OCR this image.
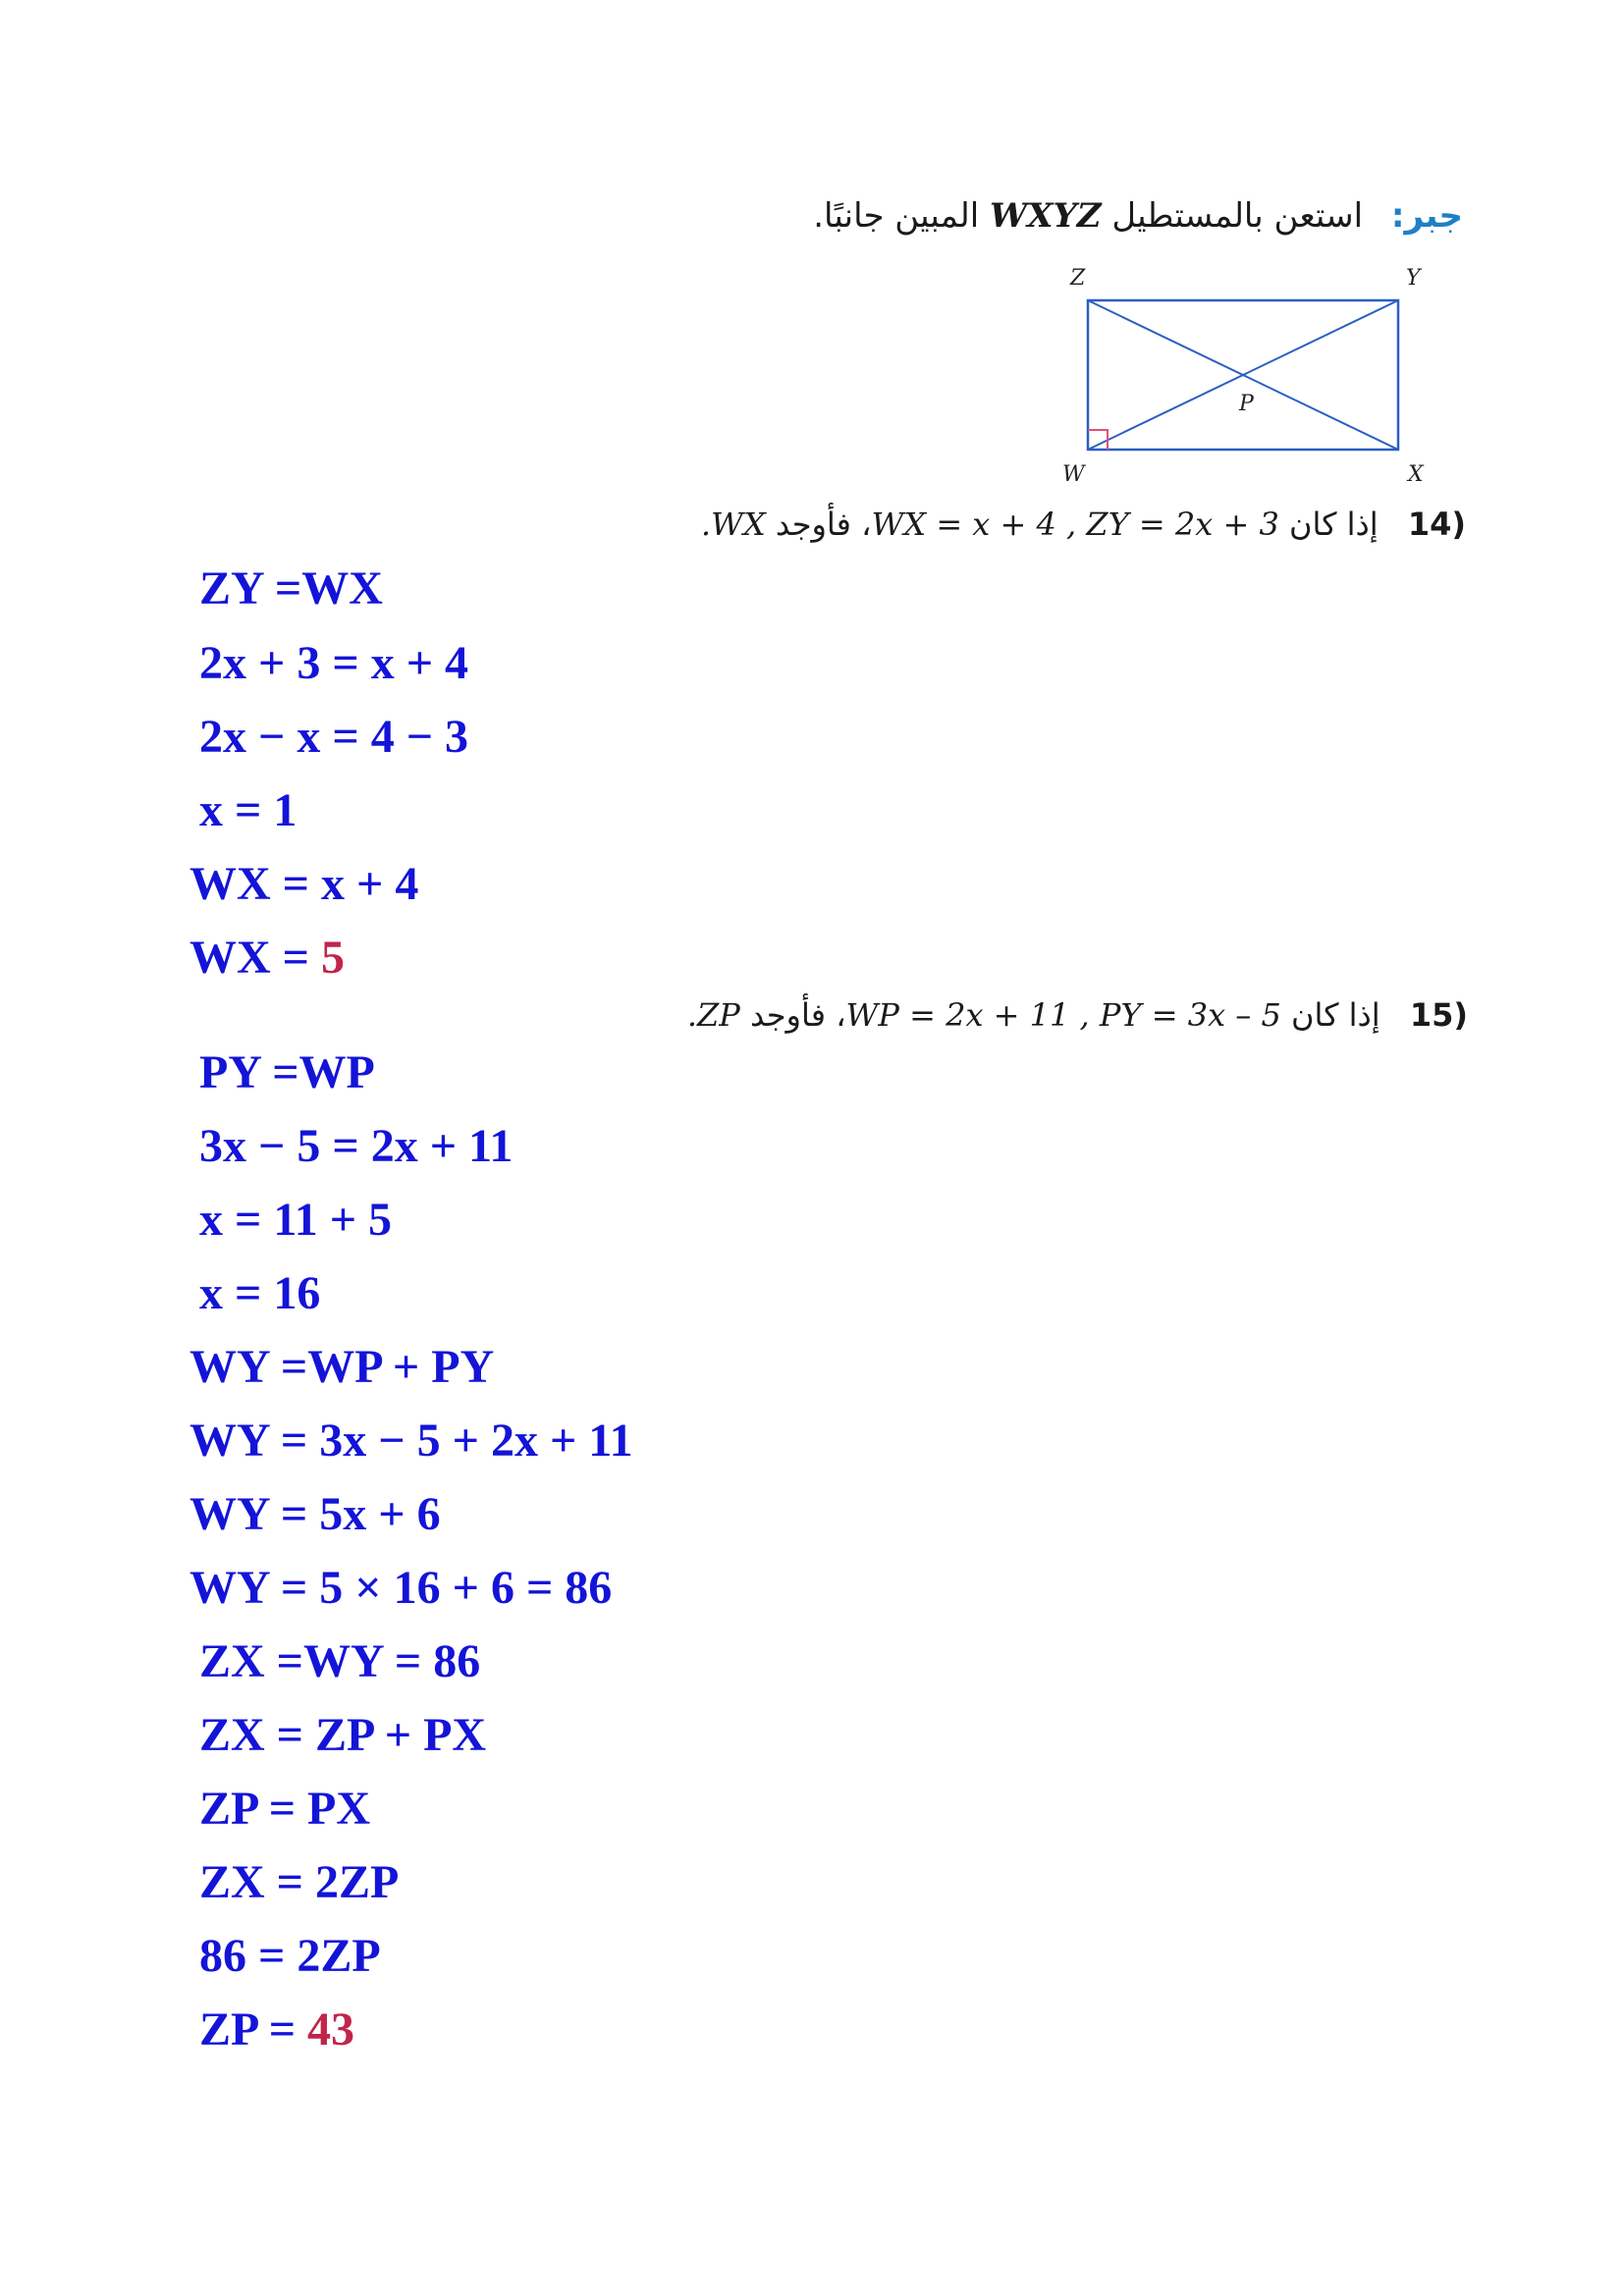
جبر: استعن بالمستطيل WXYZ المبين جانبًا.
Z	Y
W	X
P
(14 إذا كان WX = x + 4 , ZY = 2x + 3، فأوجد WX.
ZY =WX
2x + 3 = x + 4
2x − x = 4 − 3
x = 1
WX = x + 4
WX = 5
(15 إذا كان WP = 2x + 11 , PY = 3x – 5، فأوجد ZP.
PY =WP
3x − 5 = 2x + 11
x = 11 + 5
x = 16
WY =WP + PY
WY = 3x − 5 + 2x + 11
WY = 5x + 6
WY = 5 × 16 + 6 = 86
ZX =WY = 86
ZX = ZP + PX
ZP = PX
ZX = 2ZP
86 = 2ZP
ZP = 43
